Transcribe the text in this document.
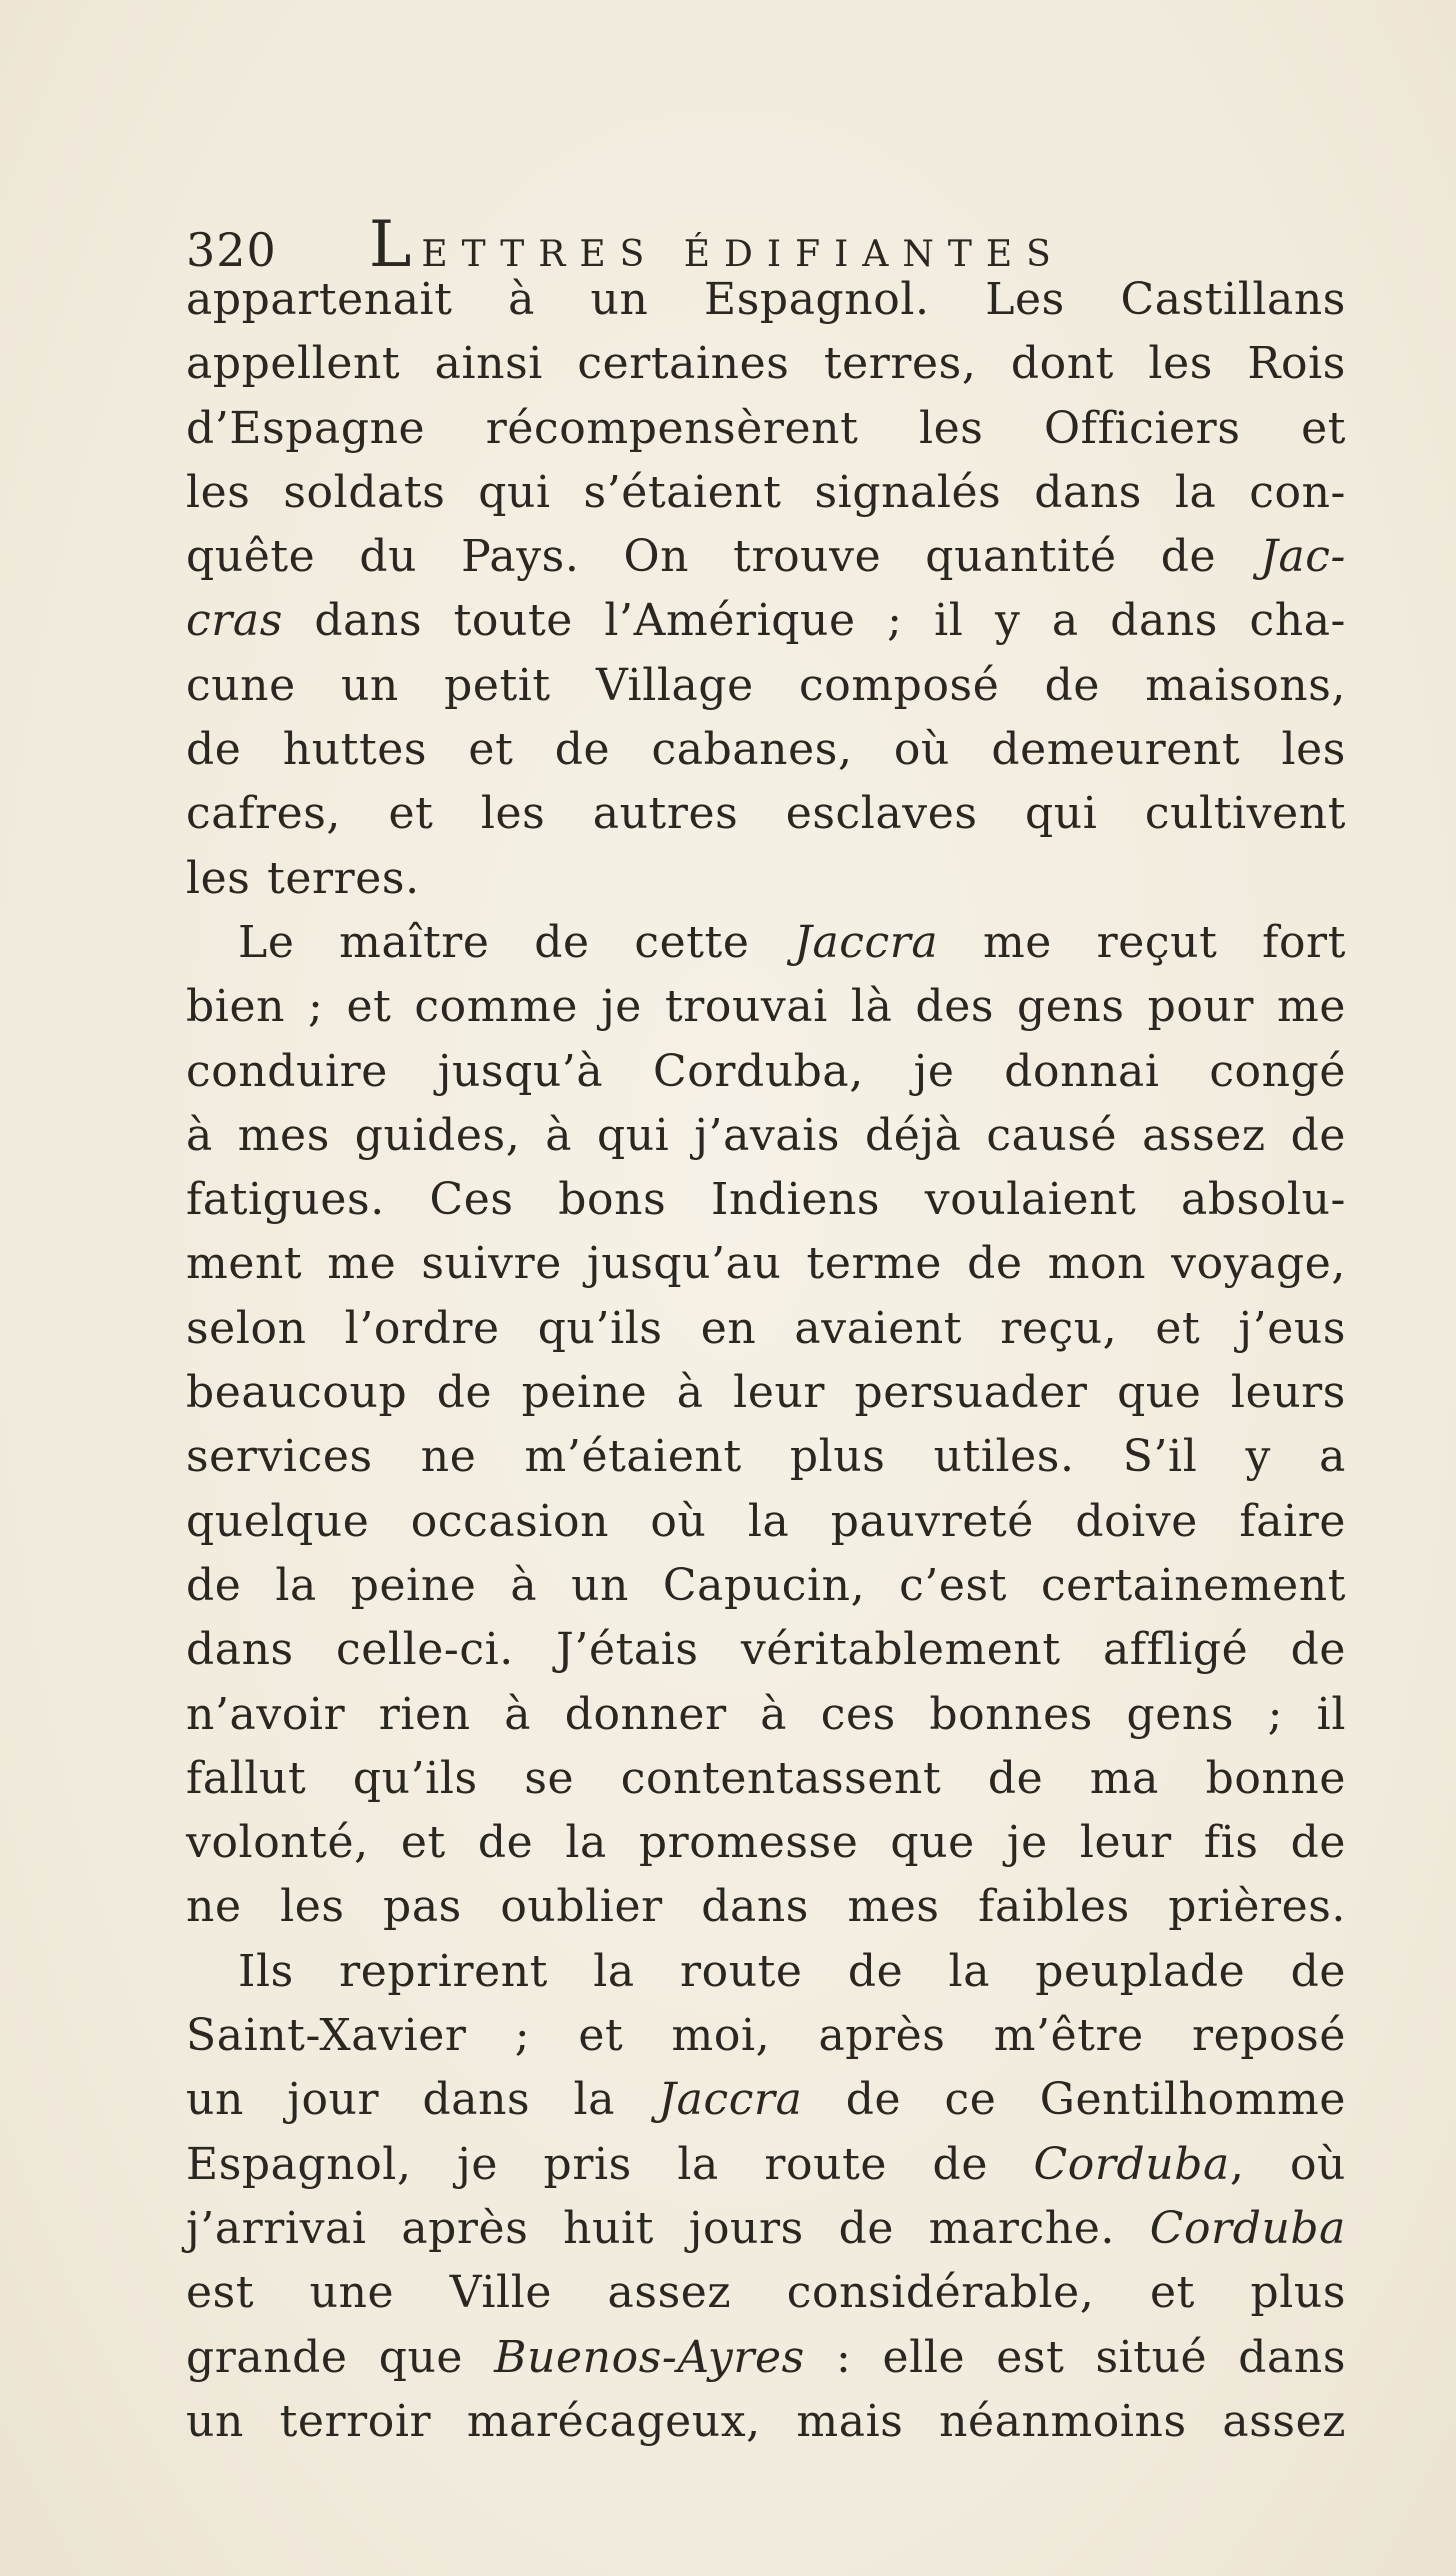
320 LETTRES ÉDIFIANTES
appartenait à un Espagnol. Les Castillans
appellent ainsi certaines terres, dont les Rois
d’Espagne récompensèrent les Officiers et
les soldats qui s’étaient signalés dans la con-
quête du Pays. On trouve quantité de Jac-
cras dans toute l’Amérique ; il y a dans cha-
cune un petit Village composé de maisons,
de huttes et de cabanes, où demeurent les
cafres, et les autres esclaves qui cultivent
les terres.
Le maître de cette Jaccra me reçut fort
bien ; et comme je trouvai là des gens pour me
conduire jusqu’à Corduba, je donnai congé
à mes guides, à qui j’avais déjà causé assez de
fatigues. Ces bons Indiens voulaient absolu-
ment me suivre jusqu’au terme de mon voyage,
selon l’ordre qu’ils en avaient reçu, et j’eus
beaucoup de peine à leur persuader que leurs
services ne m’étaient plus utiles. S’il y a
quelque occasion où la pauvreté doive faire
de la peine à un Capucin, c’est certainement
dans celle-ci. J’étais véritablement affligé de
n’avoir rien à donner à ces bonnes gens ; il
fallut qu’ils se contentassent de ma bonne
volonté, et de la promesse que je leur fis de
ne les pas oublier dans mes faibles prières.
Ils reprirent la route de la peuplade de
Saint-Xavier ; et moi, après m’être reposé
un jour dans la Jaccra de ce Gentilhomme
Espagnol, je pris la route de Corduba, où
j’arrivai après huit jours de marche. Corduba
est une Ville assez considérable, et plus
grande que Buenos-Ayres : elle est situé dans
un terroir marécageux, mais néanmoins assez
